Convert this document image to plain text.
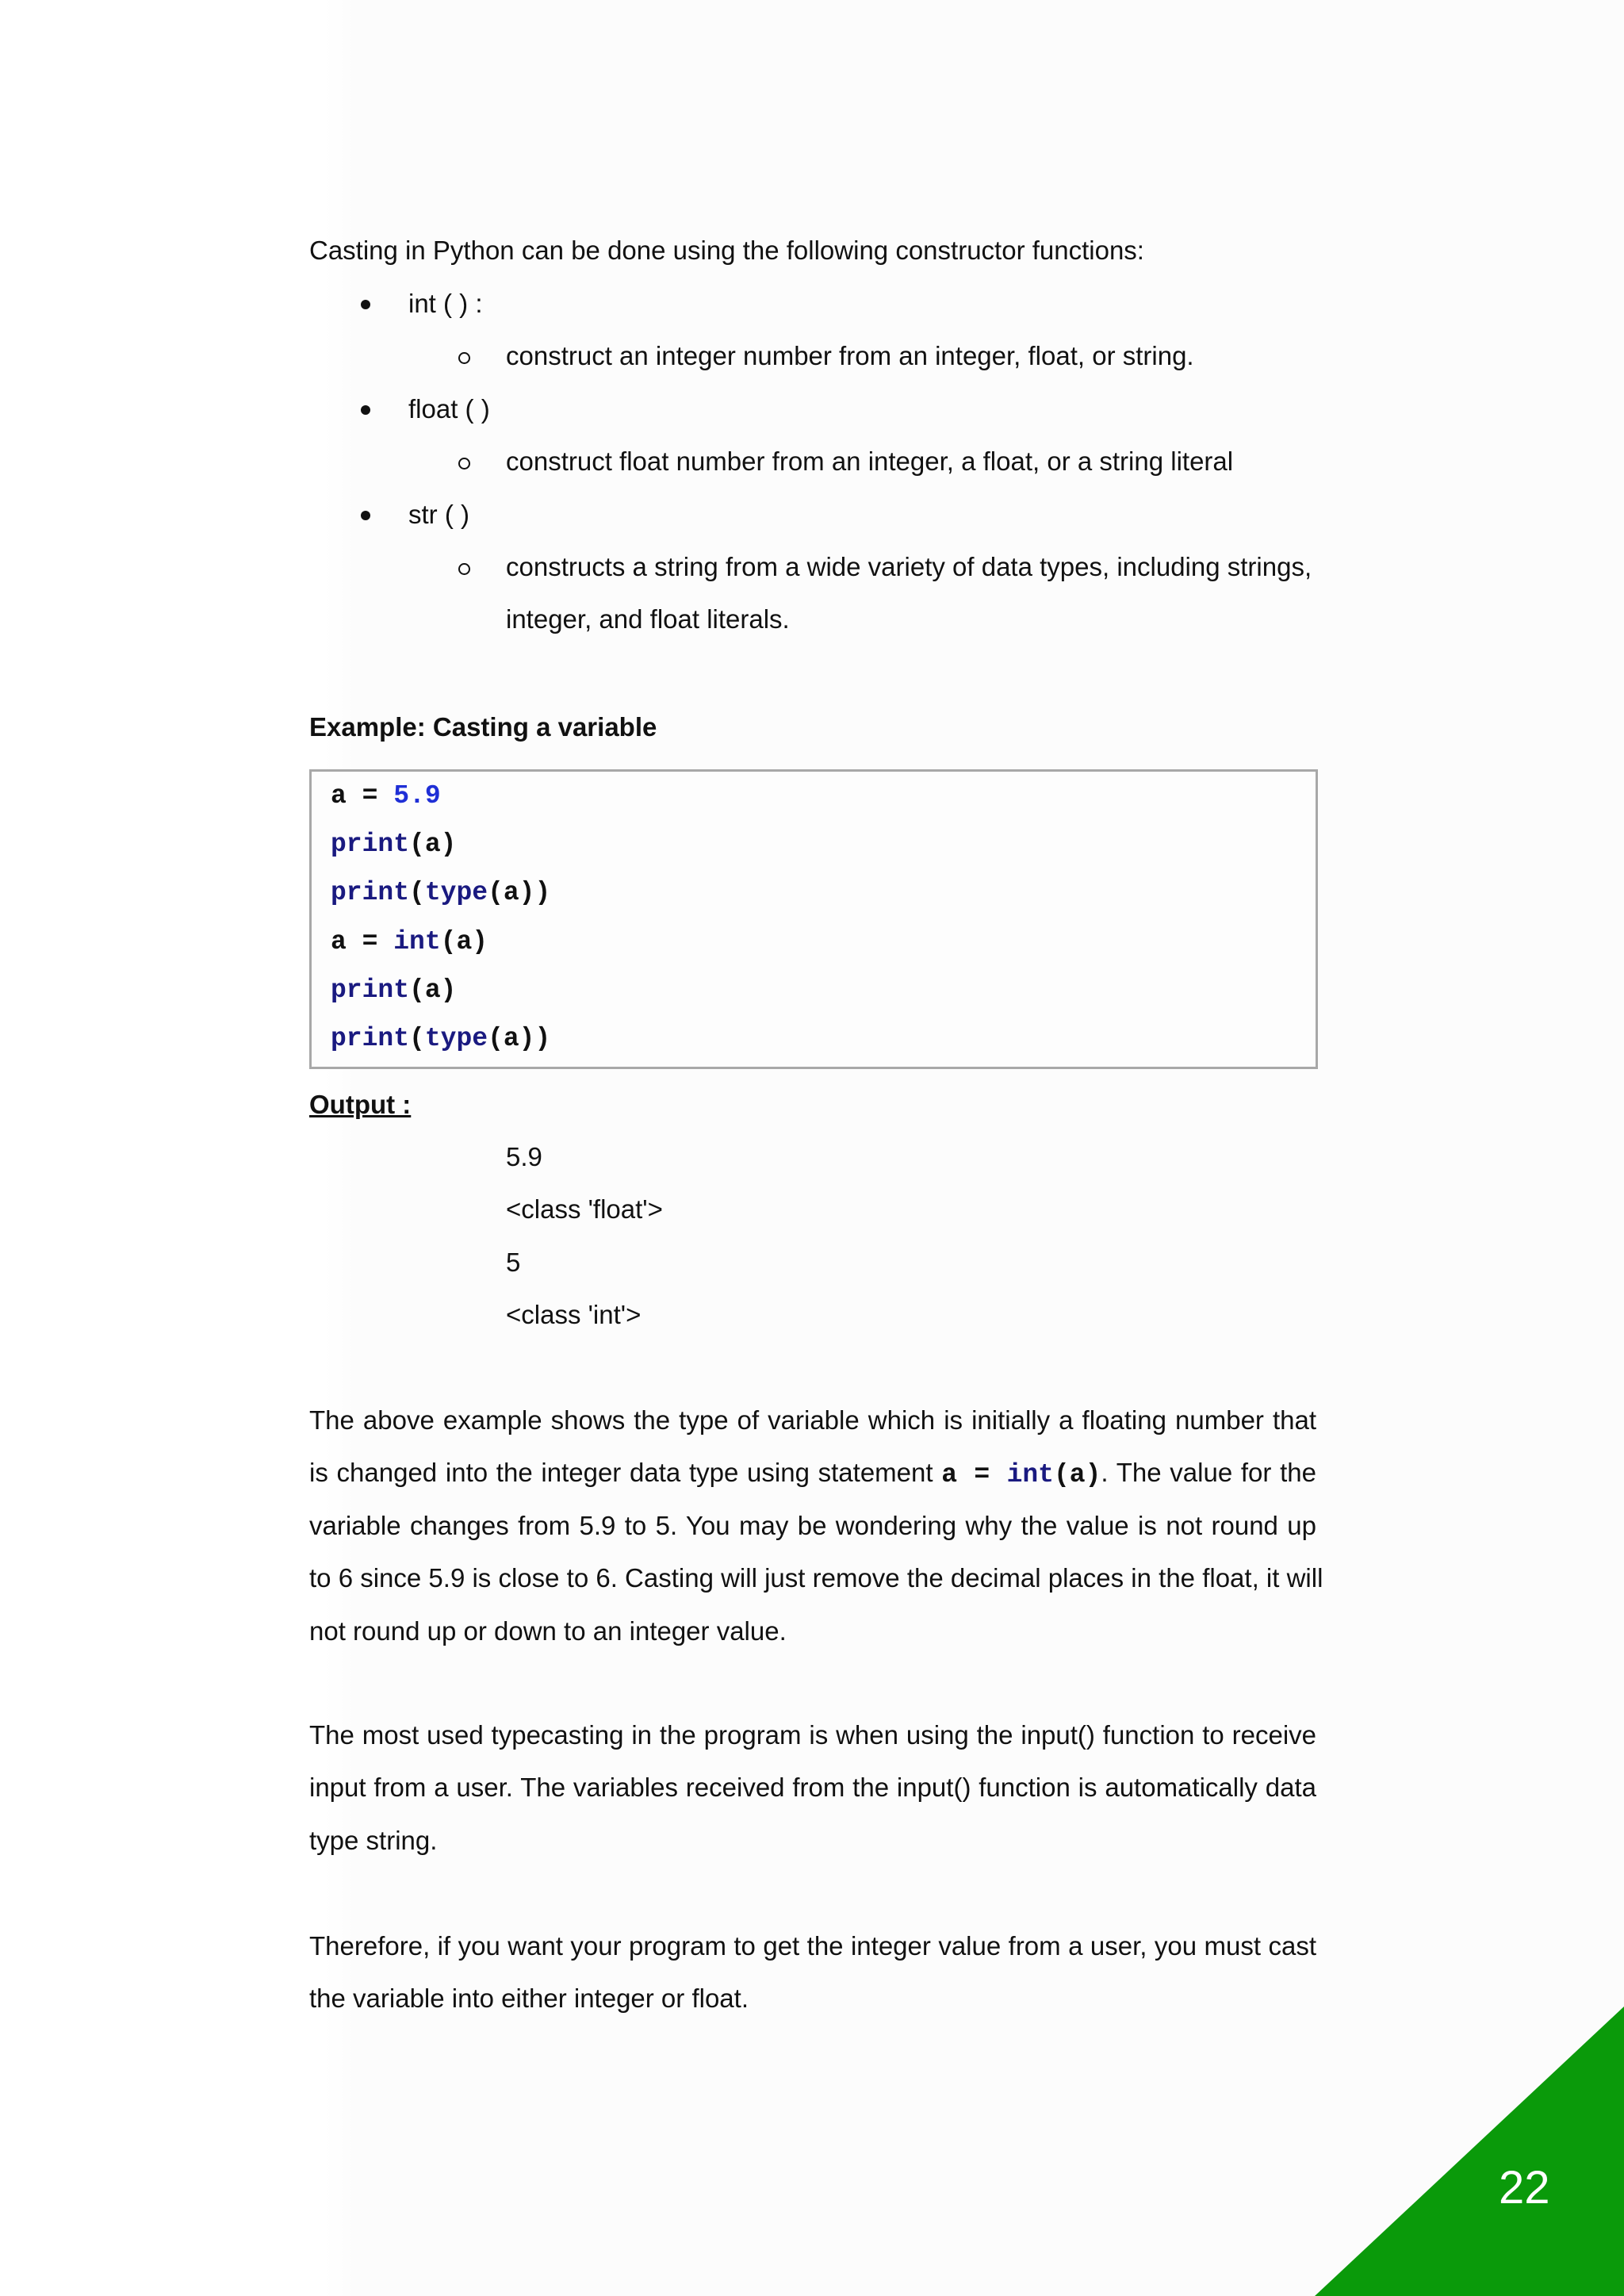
Casting in Python can be done using the following constructor functions:
int ( ) :
construct an integer number from an integer, float, or string.
float ( )
construct float number from an integer, a float, or a string literal
str ( )
constructs a string from a wide variety of data types, including strings,
integer, and float literals.
Example: Casting a variable
a = 5.9
print(a)
print(type(a))
a = int(a)
print(a)
print(type(a))
Output :
5.9
<class 'float'>
5
<class 'int'>
The above example shows the type of variable which is initially a floating number that
is changed into the integer data type using statement a = int(a). The value for the
variable changes from 5.9 to 5. You may be wondering why the value is not round up
to 6 since 5.9 is close to 6. Casting will just remove the decimal places in the float, it will
not round up or down to an integer value.
The most used typecasting in the program is when using the input() function to receive
input from a user. The variables received from the input() function is automatically data
type string.
Therefore, if you want your program to get the integer value from a user, you must cast
the variable into either integer or float.
22
